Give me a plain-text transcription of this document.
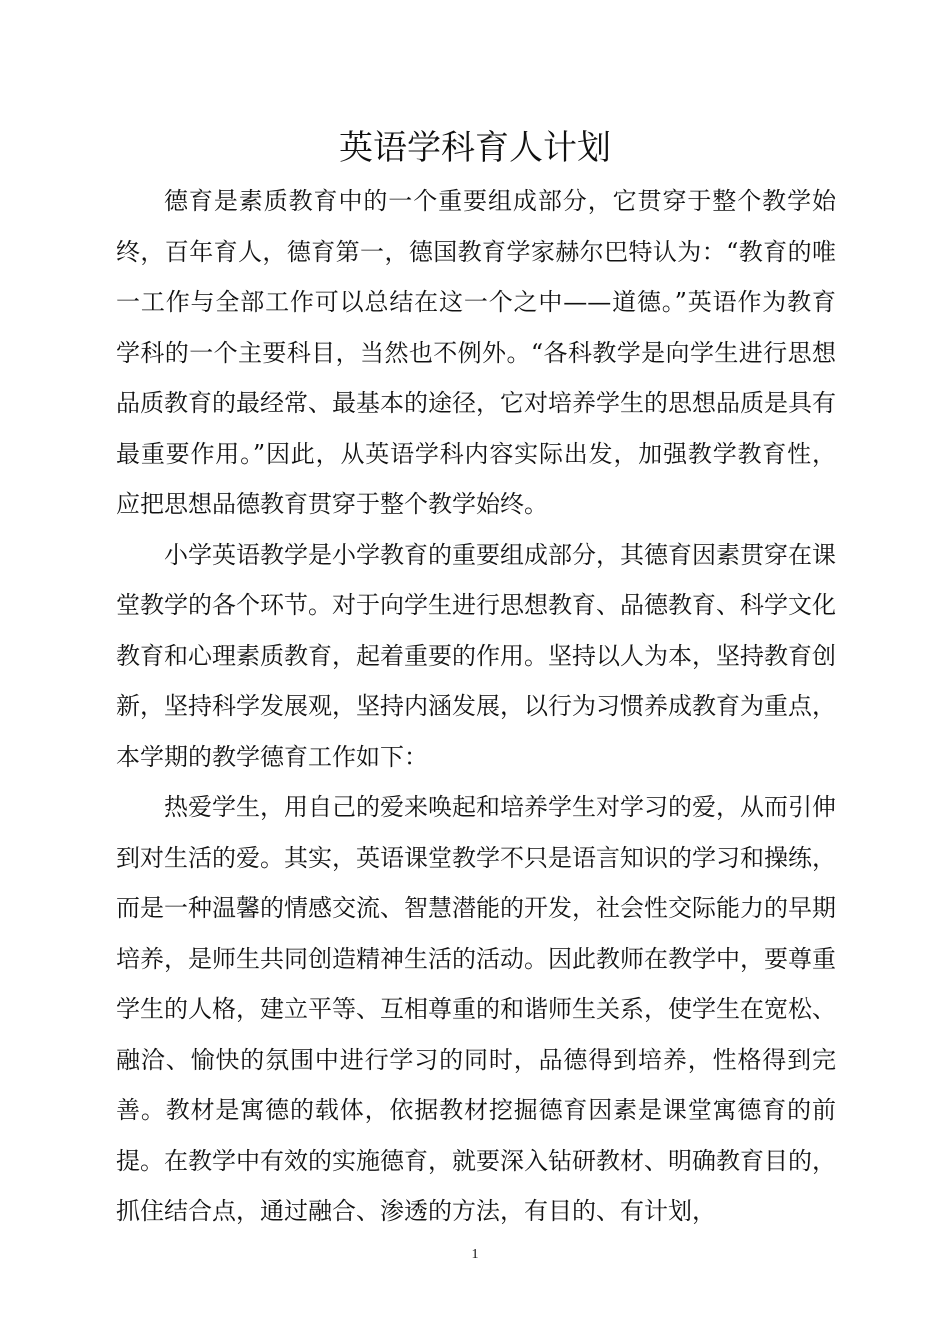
英语学科育人计划

德育是素质教育中的一个重要组成部分，它贯穿于整个教学始终，百年育人，德育第一，德国教育学家赫尔巴特认为：“教育的唯一工作与全部工作可以总结在这一个之中——道德。”英语作为教育学科的一个主要科目，当然也不例外。“各科教学是向学生进行思想品质教育的最经常、最基本的途径，它对培养学生的思想品质是具有最重要作用。”因此，从英语学科内容实际出发，加强教学教育性，应把思想品德教育贯穿于整个教学始终。

小学英语教学是小学教育的重要组成部分，其德育因素贯穿在课堂教学的各个环节。对于向学生进行思想教育、品德教育、科学文化教育和心理素质教育，起着重要的作用。坚持以人为本，坚持教育创新，坚持科学发展观，坚持内涵发展，以行为习惯养成教育为重点，本学期的教学德育工作如下：

热爱学生，用自己的爱来唤起和培养学生对学习的爱，从而引伸到对生活的爱。其实，英语课堂教学不只是语言知识的学习和操练，而是一种温馨的情感交流、智慧潜能的开发，社会性交际能力的早期培养，是师生共同创造精神生活的活动。因此教师在教学中，要尊重学生的人格，建立平等、互相尊重的和谐师生关系，使学生在宽松、融洽、愉快的氛围中进行学习的同时，品德得到培养，性格得到完善。教材是寓德的载体，依据教材挖掘德育因素是课堂寓德育的前提。在教学中有效的实施德育，就要深入钻研教材、明确教育目的，抓住结合点，通过融合、渗透的方法，有目的、有计划，

1
